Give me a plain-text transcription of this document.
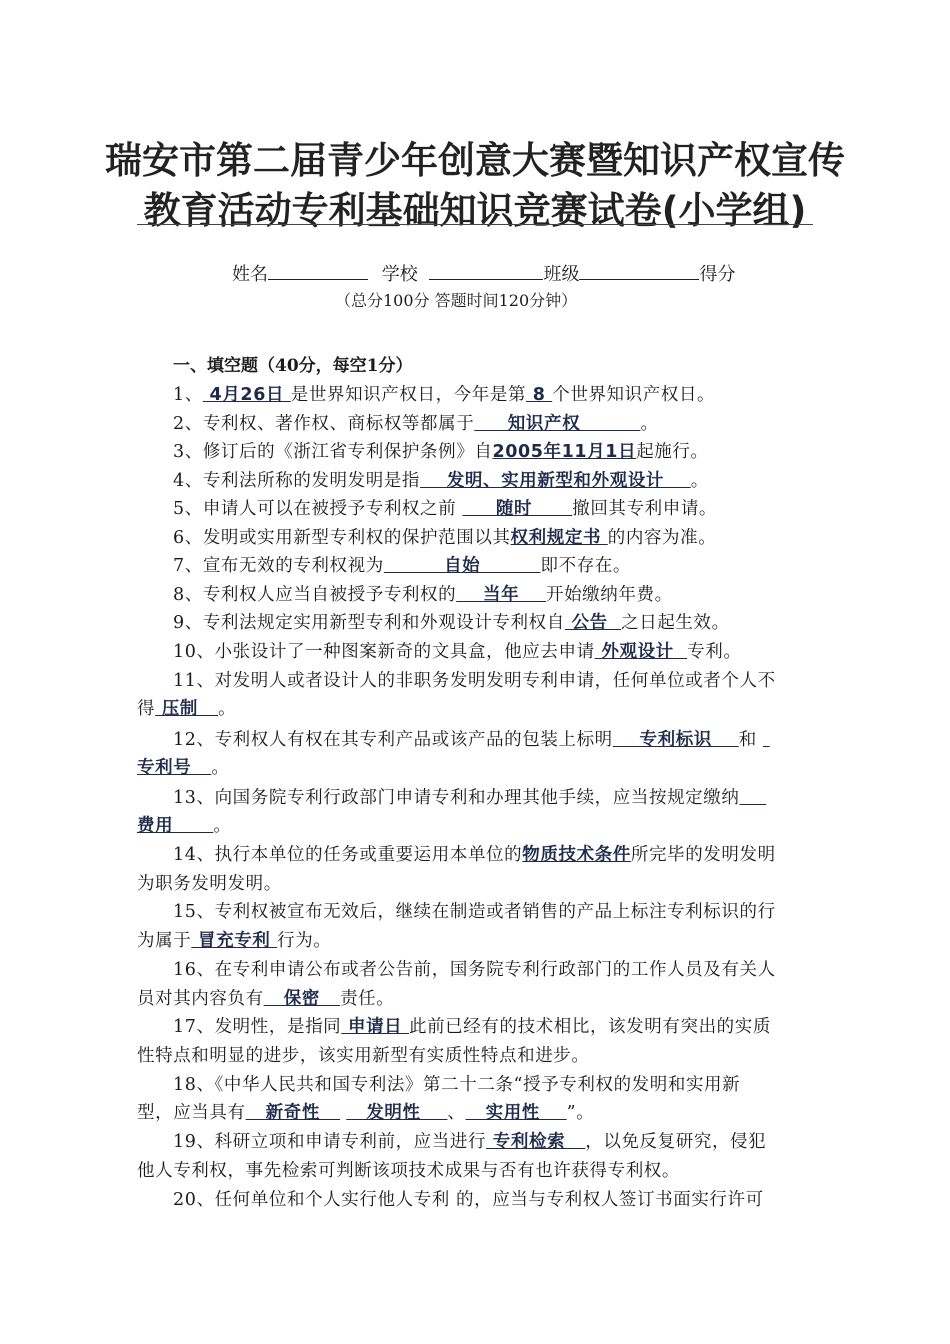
瑞安市第二届青少年创意大赛暨知识产权宣传
教育活动专利基础知识竞赛试卷(小学组)
姓名	学校	班级	得分
（总分100分 答题时间120分钟）
一、填空题（40分，每空1分）
1、 4月26日 是世界知识产权日，今年是第 8 个世界知识产权日。
2、专利权、著作权、商标权等都属于     知识产权         。
3、修订后的《浙江省专利保护条例》自2005年11月1日起施行。
4、专利法所称的发明发明是指    发明、实用新型和外观设计    。
5、申请人可以在被授予专利权之前      随时      撤回其专利申请。
6、发明或实用新型专利权的保护范围以其权利规定书 的内容为准。
7、宣布无效的专利权视为         自始         即不存在。
8、专利权人应当自被授予专利权的    当年    开始缴纳年费。
9、专利法规定实用新型专利和外观设计专利权自 公告  之日起生效。
10、小张设计了一种图案新奇的文具盒，他应去申请 外观设计  专利。
11、对发明人或者设计人的非职务发明发明专利申请，任何单位或者个人不
得 压制   。
12、专利权人有权在其专利产品或该产品的包装上标明    专利标识    和
专利号   。
13、向国务院专利行政部门申请专利和办理其他手续，应当按规定缴纳
费用      。
14、执行本单位的任务或重要运用本单位的物质技术条件所完毕的发明发明
为职务发明发明。
15、专利权被宣布无效后，继续在制造或者销售的产品上标注专利标识的行
为属于 冒充专利 行为。
16、在专利申请公布或者公告前，国务院专利行政部门的工作人员及有关人
员对其内容负有   保密   责任。
17、发明性，是指同 申请日 此前已经有的技术相比，该发明有突出的实质
性特点和明显的进步，该实用新型有实质性特点和进步。
18、《中华人民共和国专利法》第二十二条“授予专利权的发明和实用新
型，应当具有   新奇性       发明性    、   实用性    ”。
19、科研立项和申请专利前，应当进行 专利检索   ，以免反复研究，侵犯
他人专利权，事先检索可判断该项技术成果与否有也许获得专利权。
20、任何单位和个人实行他人专利 的，应当与专利权人签订书面实行许可
